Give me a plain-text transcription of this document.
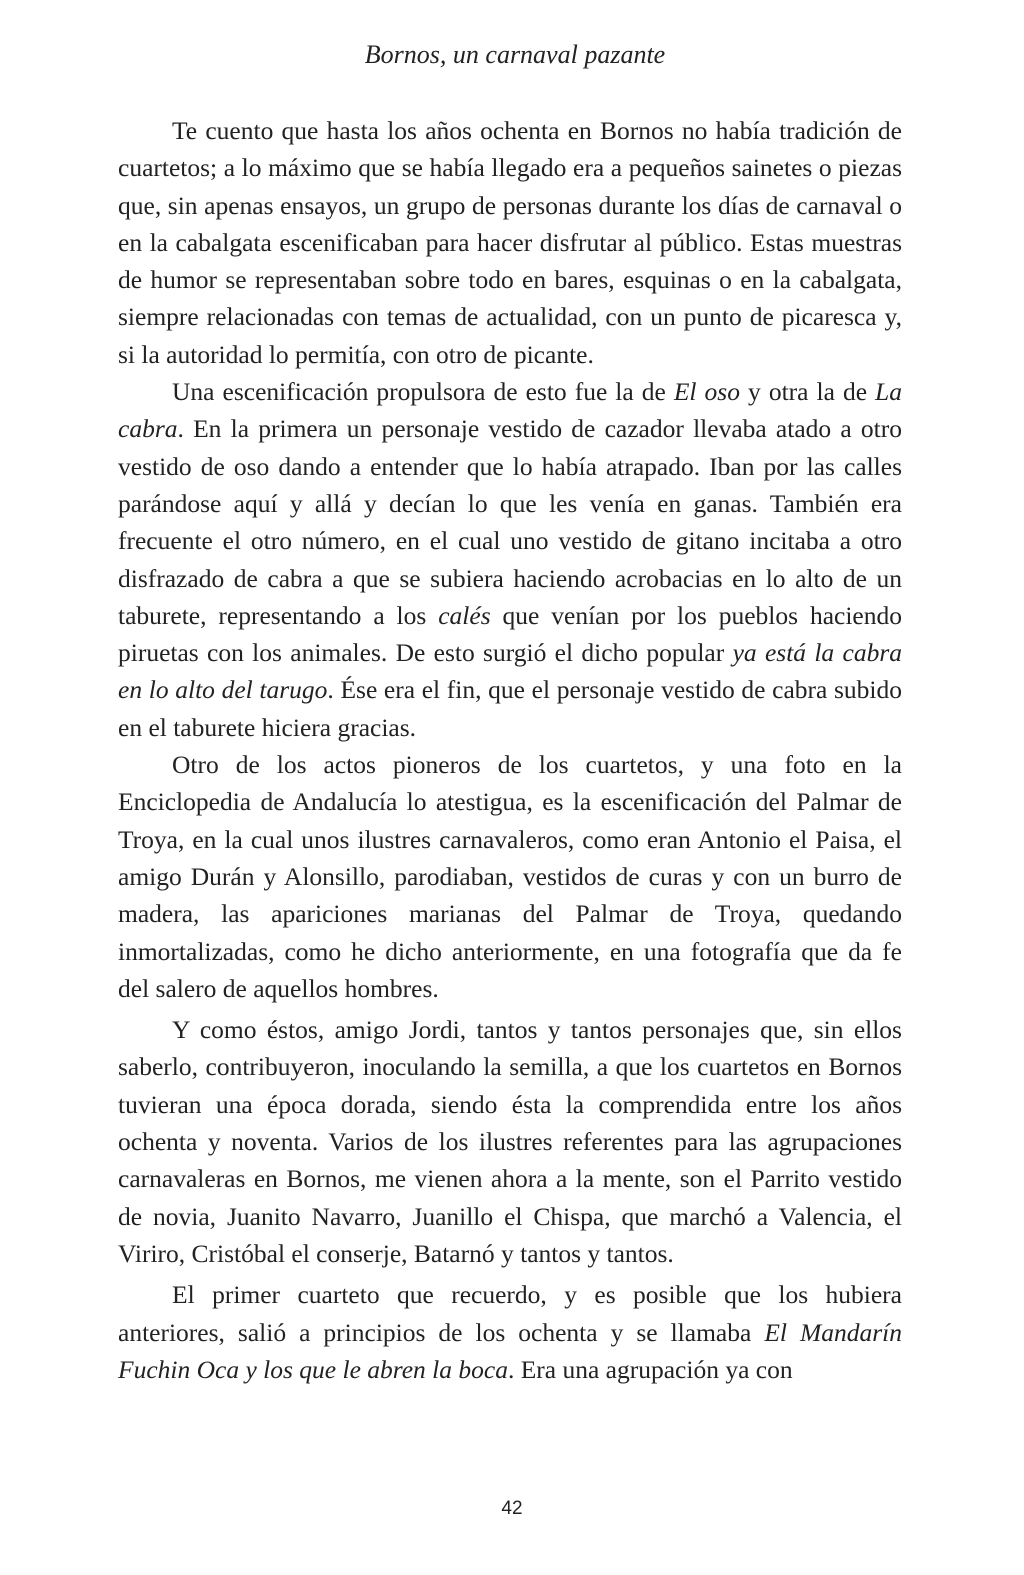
Bornos, un carnaval pazante

Te cuento que hasta los años ochenta en Bornos no había tradición de cuartetos; a lo máximo que se había llegado era a pequeños sainetes o piezas que, sin apenas ensayos, un grupo de personas durante los días de carnaval o en la cabalgata escenificaban para hacer disfrutar al público. Estas muestras de humor se representaban sobre todo en bares, esquinas o en la cabalgata, siempre relacionadas con temas de actualidad, con un punto de picaresca y, si la autoridad lo permitía, con otro de picante.

Una escenificación propulsora de esto fue la de El oso y otra la de La cabra. En la primera un personaje vestido de cazador llevaba atado a otro vestido de oso dando a entender que lo había atrapado. Iban por las calles parándose aquí y allá y decían lo que les venía en ganas. También era frecuente el otro número, en el cual uno vestido de gitano incitaba a otro disfrazado de cabra a que se subiera haciendo acrobacias en lo alto de un taburete, representando a los calés que venían por los pueblos haciendo piruetas con los animales. De esto surgió el dicho popular ya está la cabra en lo alto del tarugo. Ése era el fin, que el personaje vestido de cabra subido en el taburete hiciera gracias.

Otro de los actos pioneros de los cuartetos, y una foto en la Enciclopedia de Andalucía lo atestigua, es la escenificación del Palmar de Troya, en la cual unos ilustres carnavaleros, como eran Antonio el Paisa, el amigo Durán y Alonsillo, parodiaban, vestidos de curas y con un burro de madera, las apariciones marianas del Palmar de Troya, quedando inmortalizadas, como he dicho anteriormente, en una fotografía que da fe del salero de aquellos hombres.

Y como éstos, amigo Jordi, tantos y tantos personajes que, sin ellos saberlo, contribuyeron, inoculando la semilla, a que los cuartetos en Bornos tuvieran una época dorada, siendo ésta la comprendida entre los años ochenta y noventa. Varios de los ilustres referentes para las agrupaciones carnavaleras en Bornos, me vienen ahora a la mente, son el Parrito vestido de novia, Juanito Navarro, Juanillo el Chispa, que marchó a Valencia, el Viriro, Cristóbal el conserje, Batarnó y tantos y tantos.

El primer cuarteto que recuerdo, y es posible que los hubiera anteriores, salió a principios de los ochenta y se llamaba El Mandarín Fuchin Oca y los que le abren la boca. Era una agrupación ya con

42
